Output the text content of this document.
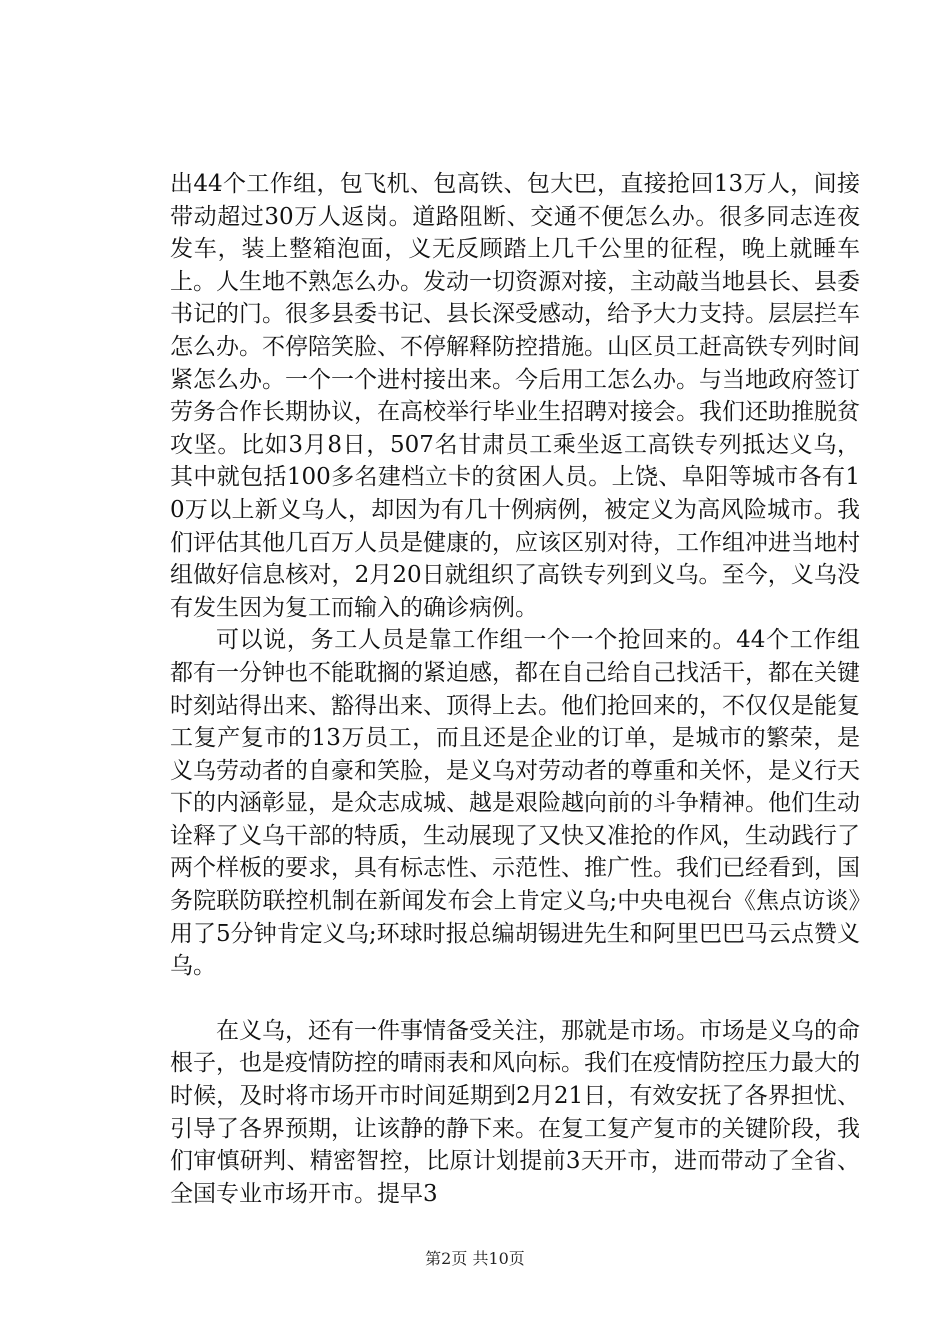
出44个工作组，包飞机、包高铁、包大巴，直接抢回13万人，间接带动超过30万人返岗。道路阻断、交通不便怎么办。很多同志连夜发车，装上整箱泡面，义无反顾踏上几千公里的征程，晚上就睡车上。人生地不熟怎么办。发动一切资源对接，主动敲当地县长、县委书记的门。很多县委书记、县长深受感动，给予大力支持。层层拦车怎么办。不停陪笑脸、不停解释防控措施。山区员工赶高铁专列时间紧怎么办。一个一个进村接出来。今后用工怎么办。与当地政府签订劳务合作长期协议，在高校举行毕业生招聘对接会。我们还助推脱贫攻坚。比如3月8日，507名甘肃员工乘坐返工高铁专列抵达义乌，其中就包括100多名建档立卡的贫困人员。上饶、阜阳等城市各有10万以上新义乌人，却因为有几十例病例，被定义为高风险城市。我们评估其他几百万人员是健康的，应该区别对待，工作组冲进当地村组做好信息核对，2月20日就组织了高铁专列到义乌。至今，义乌没有发生因为复工而输入的确诊病例。

可以说，务工人员是靠工作组一个一个抢回来的。44个工作组都有一分钟也不能耽搁的紧迫感，都在自己给自己找活干，都在关键时刻站得出来、豁得出来、顶得上去。他们抢回来的，不仅仅是能复工复产复市的13万员工，而且还是企业的订单，是城市的繁荣，是义乌劳动者的自豪和笑脸，是义乌对劳动者的尊重和关怀，是义行天下的内涵彰显，是众志成城、越是艰险越向前的斗争精神。他们生动诠释了义乌干部的特质，生动展现了又快又准抢的作风，生动践行了两个样板的要求，具有标志性、示范性、推广性。我们已经看到，国务院联防联控机制在新闻发布会上肯定义乌;中央电视台《焦点访谈》用了5分钟肯定义乌;环球时报总编胡锡进先生和阿里巴巴马云点赞义乌。

在义乌，还有一件事情备受关注，那就是市场。市场是义乌的命根子，也是疫情防控的晴雨表和风向标。我们在疫情防控压力最大的时候，及时将市场开市时间延期到2月21日，有效安抚了各界担忧、引导了各界预期，让该静的静下来。在复工复产复市的关键阶段，我们审慎研判、精密智控，比原计划提前3天开市，进而带动了全省、全国专业市场开市。提早3

第2页 共10页
